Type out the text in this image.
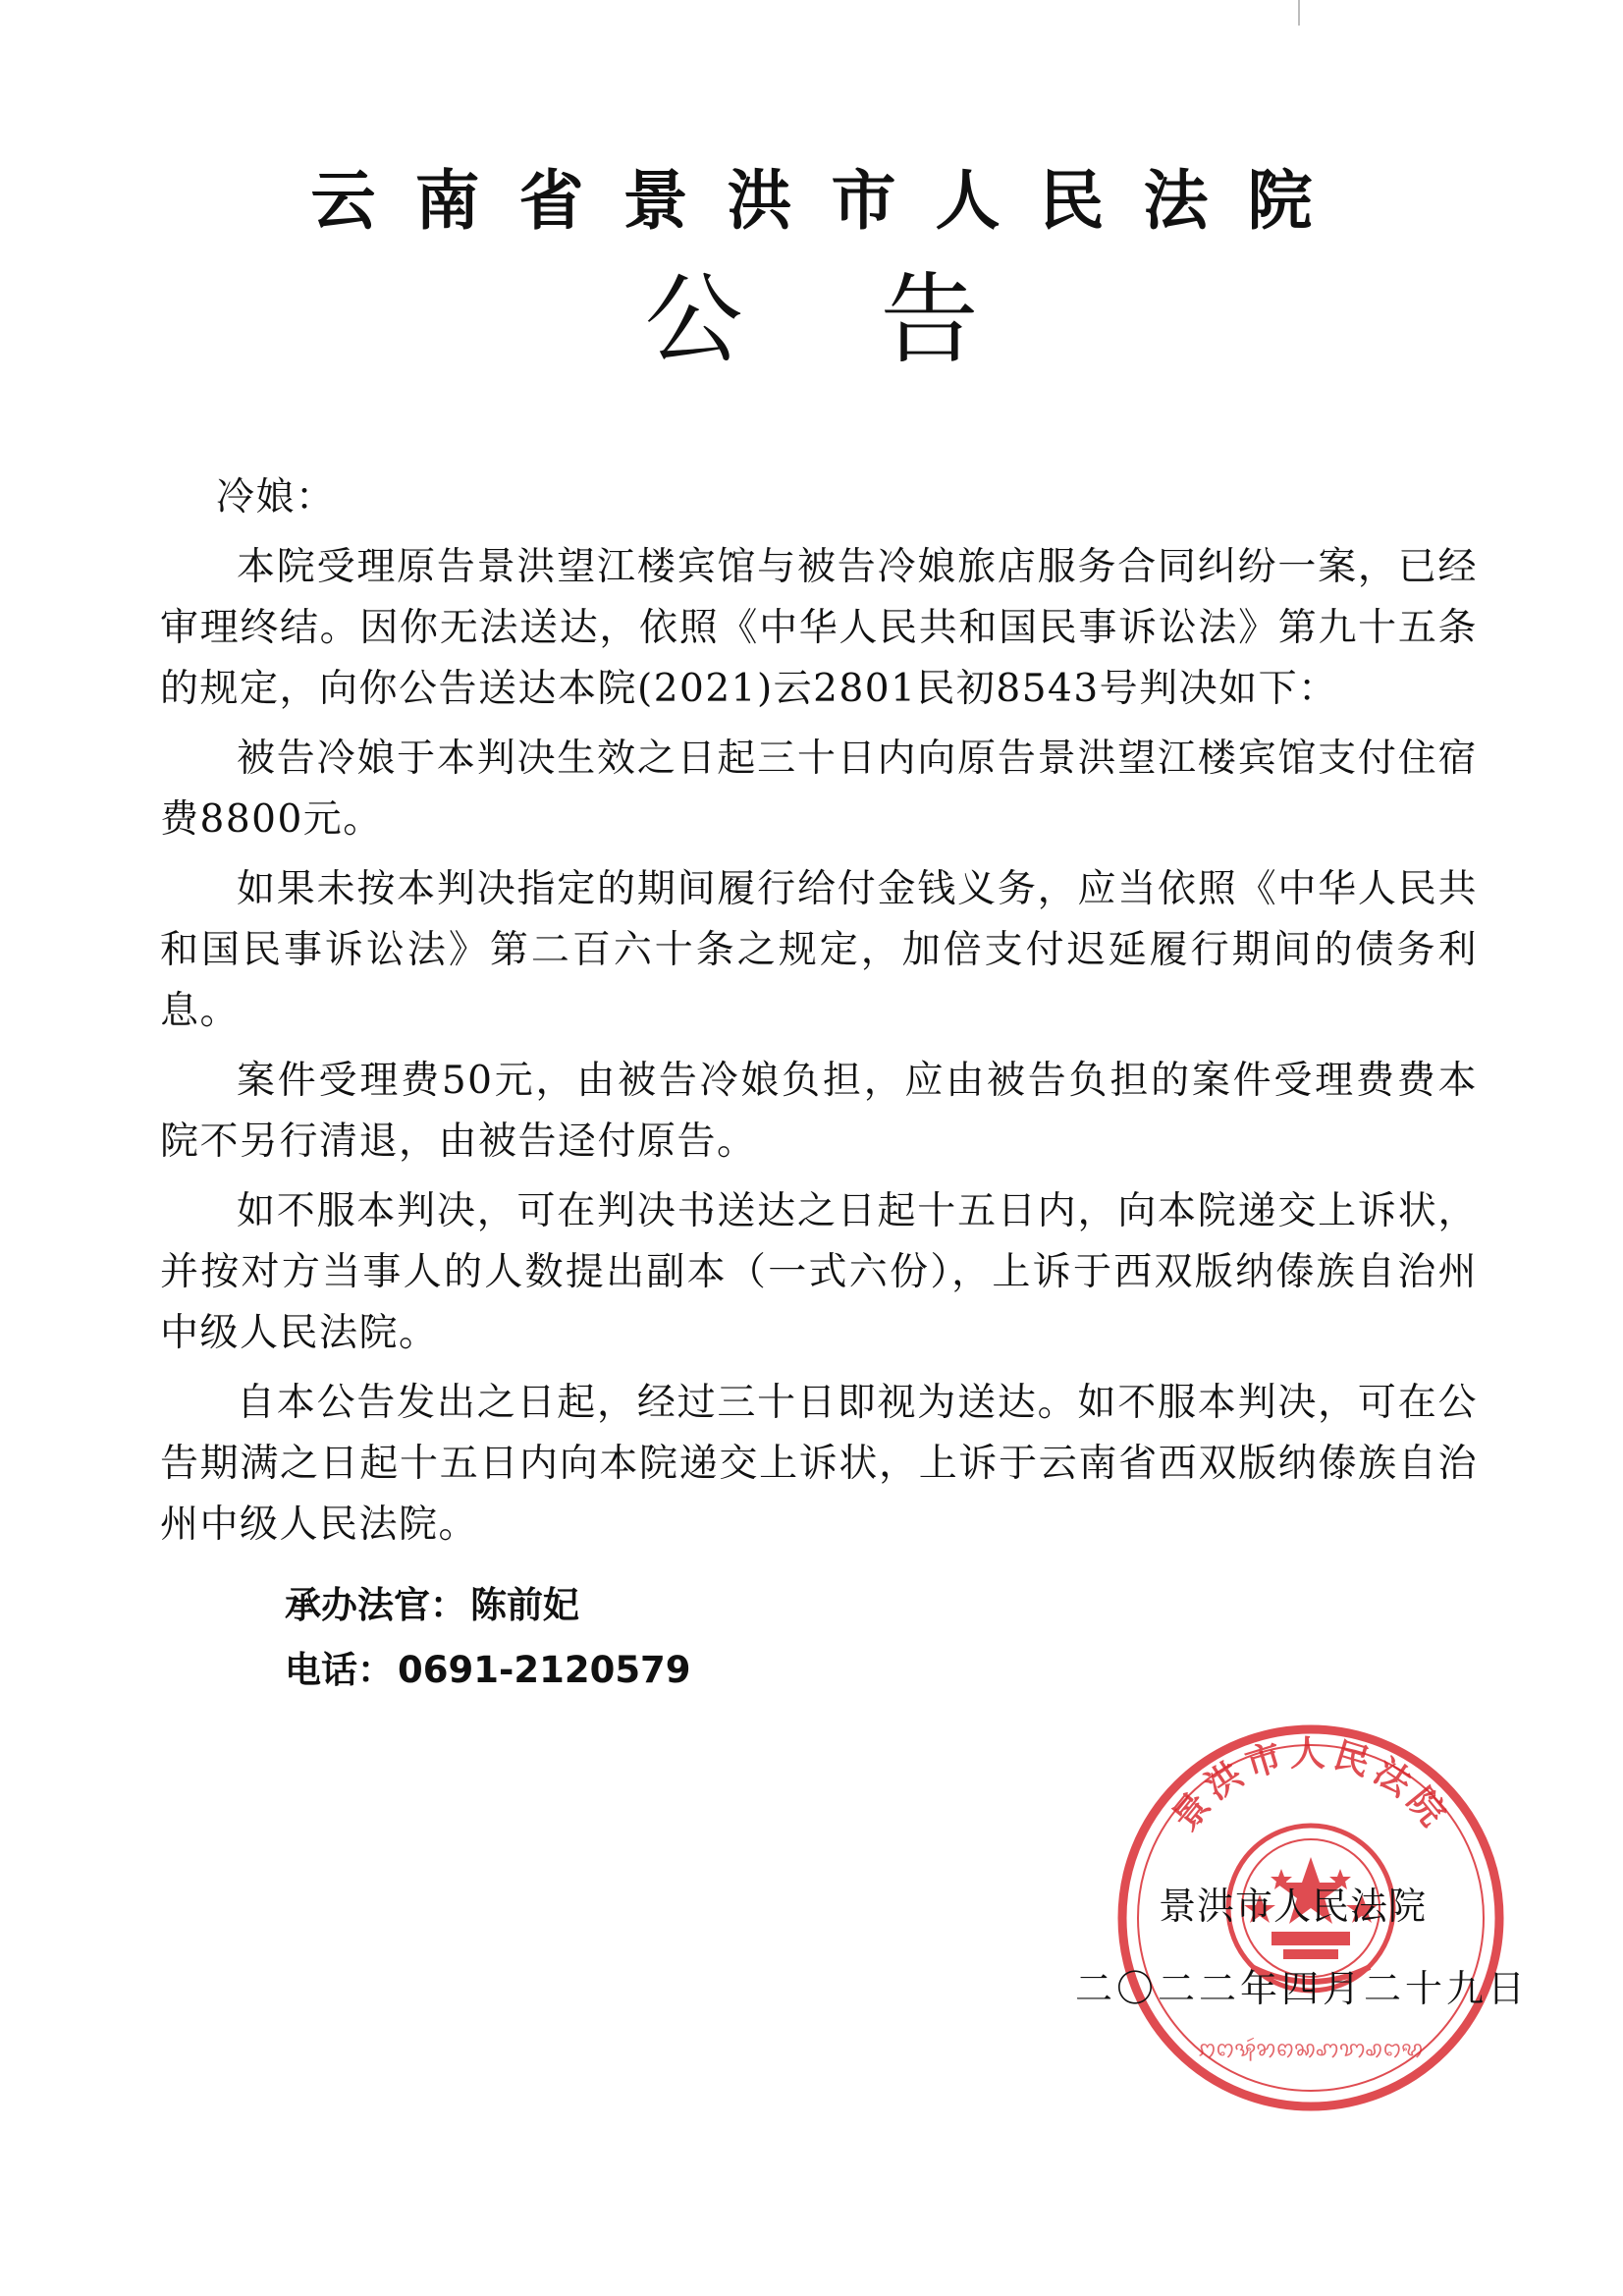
云南省景洪市人民法院
公告

冷娘：

本院受理原告景洪望江楼宾馆与被告冷娘旅店服务合同纠纷一案，已经审理终结。因你无法送达，依照《中华人民共和国民事诉讼法》第九十五条的规定，向你公告送达本院(2021)云2801民初8543号判决如下：

被告冷娘于本判决生效之日起三十日内向原告景洪望江楼宾馆支付住宿费8800元。

如果未按本判决指定的期间履行给付金钱义务，应当依照《中华人民共和国民事诉讼法》第二百六十条之规定，加倍支付迟延履行期间的债务利息。

案件受理费50元，由被告冷娘负担，应由被告负担的案件受理费费本院不另行清退，由被告迳付原告。

如不服本判决，可在判决书送达之日起十五日内，向本院递交上诉状，并按对方当事人的人数提出副本（一式六份），上诉于西双版纳傣族自治州中级人民法院。

自本公告发出之日起，经过三十日即视为送达。如不服本判决，可在公告期满之日起十五日内向本院递交上诉状，上诉于云南省西双版纳傣族自治州中级人民法院。

承办法官： 陈前妃
电话： 0691-2120579
景洪市人民法院
ꩀꩁꩂꩃꩄꩅꩆꩇꩈꩉꩊꩋ
景洪市人民法院
二〇二二年四月二十九日
